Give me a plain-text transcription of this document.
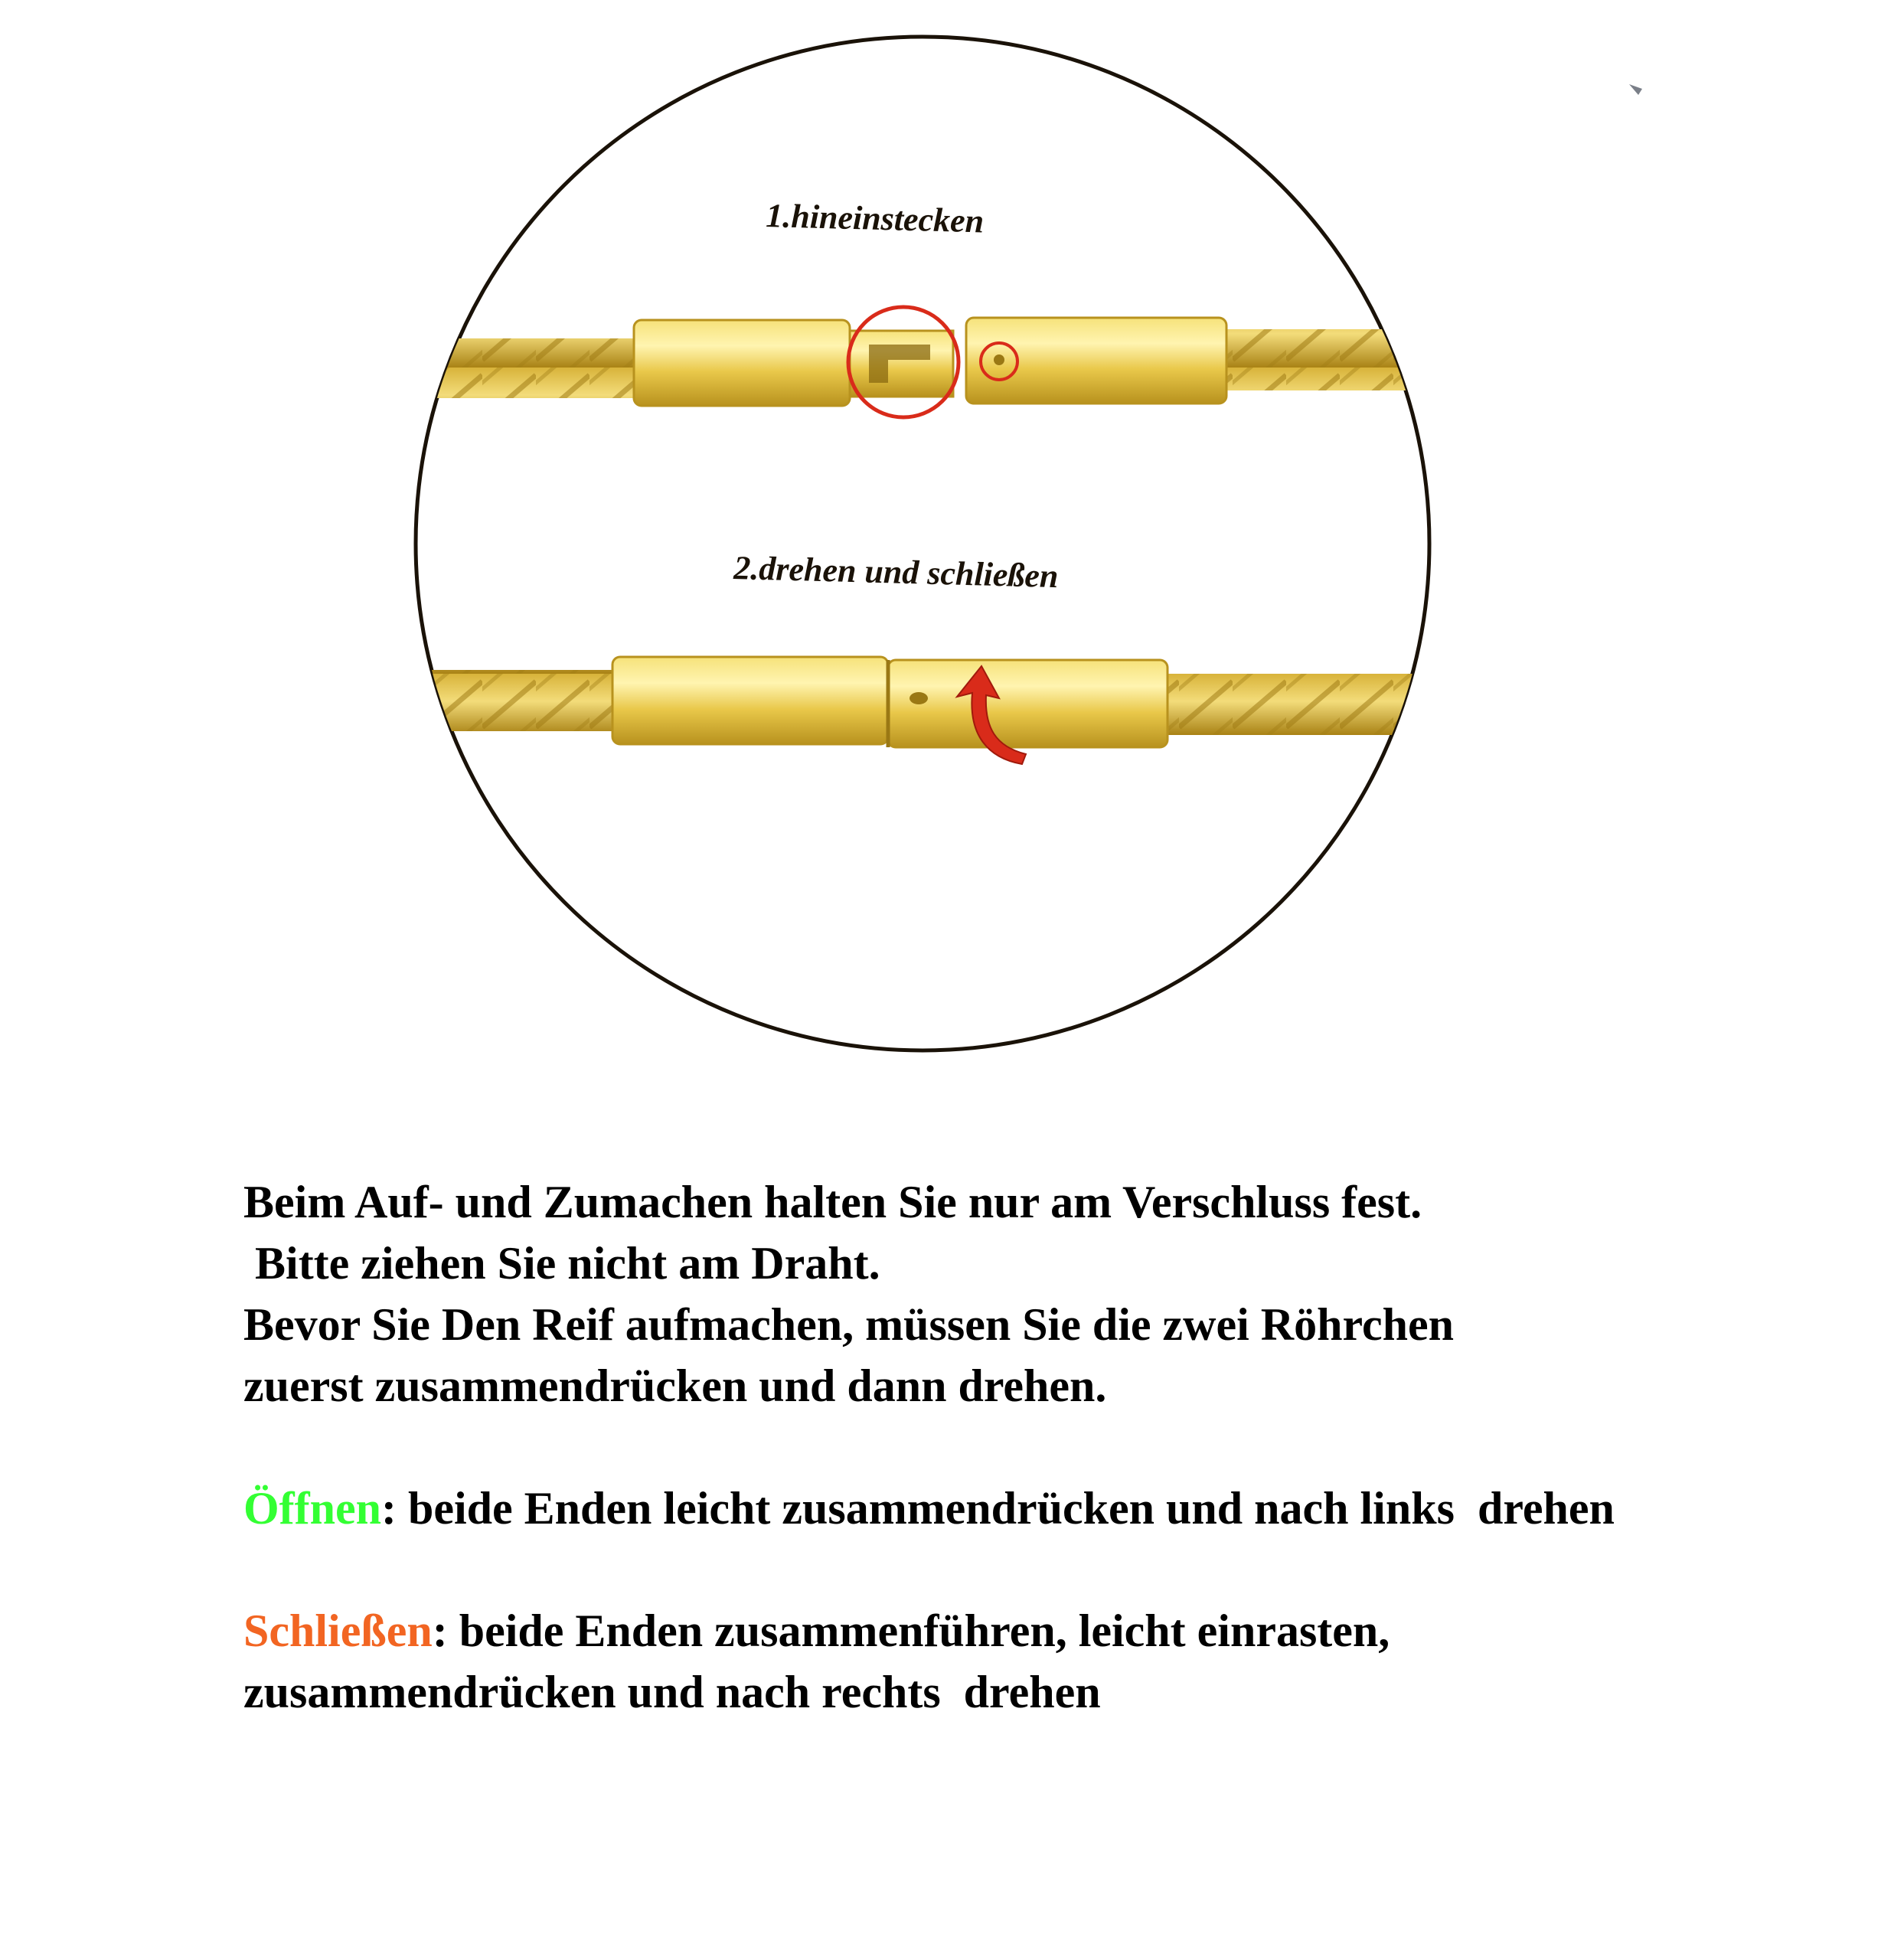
1.hineinstecken
2.drehen und schließen

Beim Auf- und Zumachen halten Sie nur am Verschluss fest.

Bitte ziehen Sie nicht am Draht.

Bevor Sie Den Reif aufmachen, müssen Sie die zwei Röhrchen

zuerst zusammendrücken und dann drehen.

Öffnen: beide Enden leicht zusammendrücken und nach links  drehen

Schließen: beide Enden zusammenführen, leicht einrasten,

zusammendrücken und nach rechts  drehen
